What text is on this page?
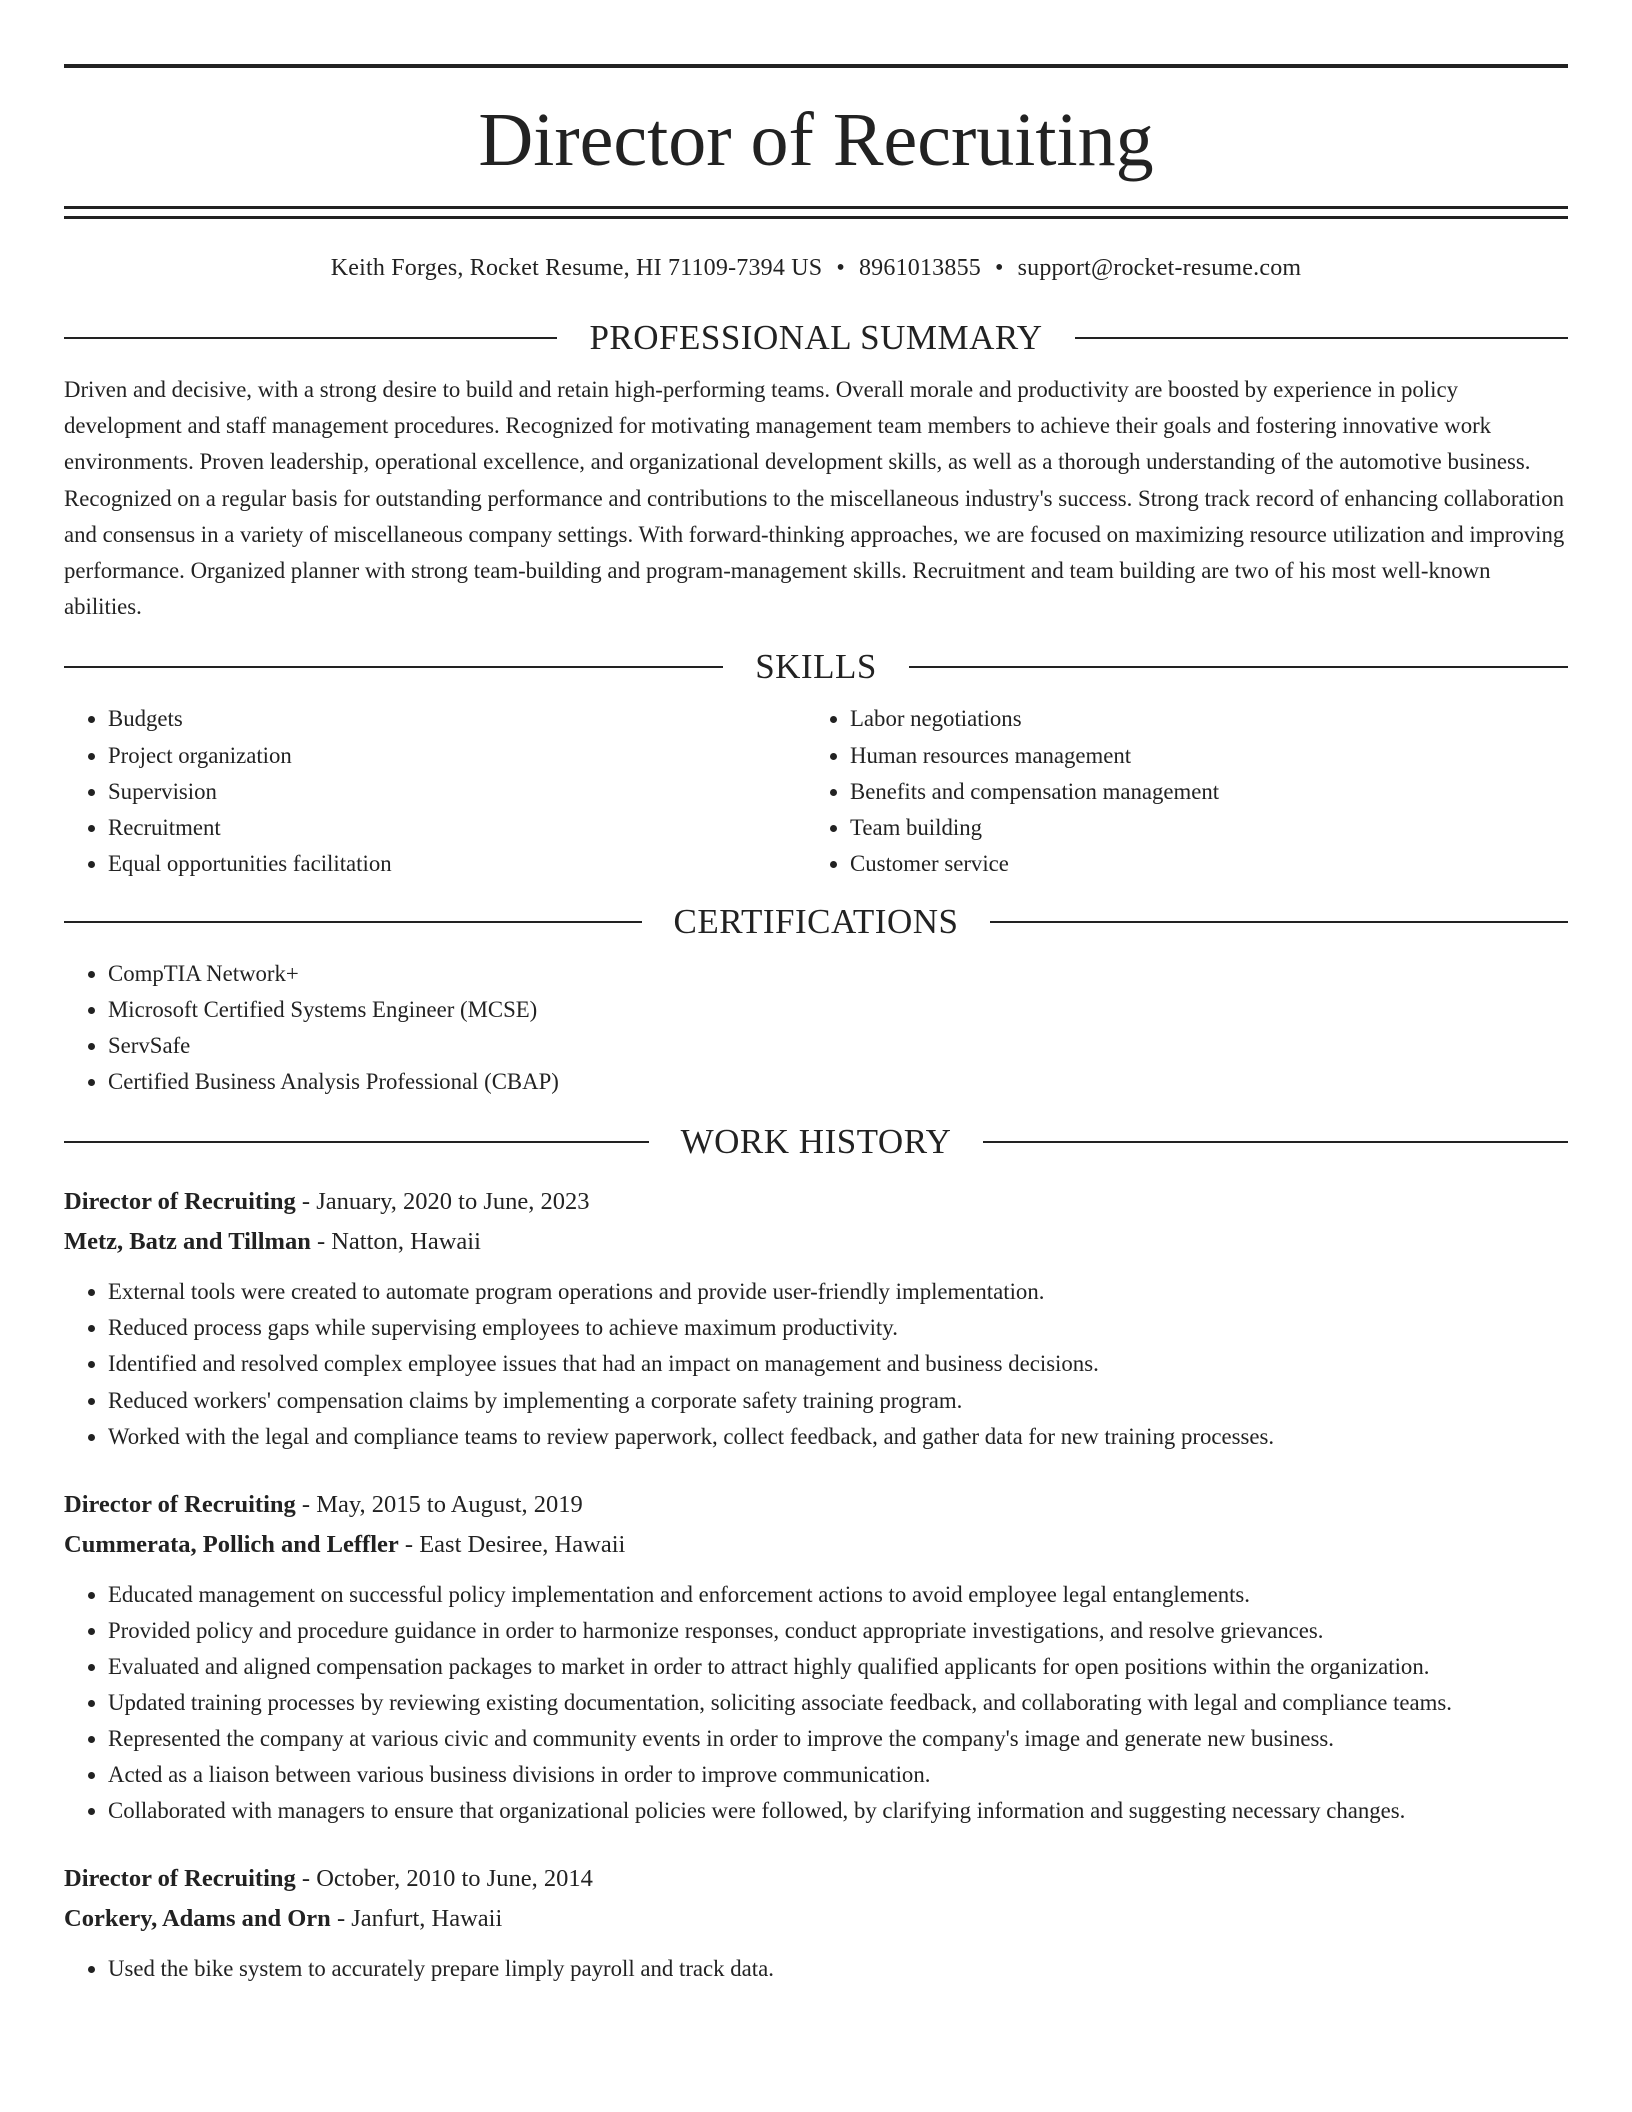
Director of Recruiting
Keith Forges, Rocket Resume, HI 71109-7394 US • 8961013855 • support@rocket-resume.com
PROFESSIONAL SUMMARY
Driven and decisive, with a strong desire to build and retain high-performing teams. Overall morale and productivity are boosted by experience in policy development and staff management procedures. Recognized for motivating management team members to achieve their goals and fostering innovative work environments. Proven leadership, operational excellence, and organizational development skills, as well as a thorough understanding of the automotive business. Recognized on a regular basis for outstanding performance and contributions to the miscellaneous industry's success. Strong track record of enhancing collaboration and consensus in a variety of miscellaneous company settings. With forward-thinking approaches, we are focused on maximizing resource utilization and improving performance. Organized planner with strong team-building and program-management skills. Recruitment and team building are two of his most well-known abilities.
SKILLS
• Budgets
• Project organization
• Supervision
• Recruitment
• Equal opportunities facilitation
• Labor negotiations
• Human resources management
• Benefits and compensation management
• Team building
• Customer service
CERTIFICATIONS
• CompTIA Network+
• Microsoft Certified Systems Engineer (MCSE)
• ServSafe
• Certified Business Analysis Professional (CBAP)
WORK HISTORY
Director of Recruiting - January, 2020 to June, 2023
Metz, Batz and Tillman - Natton, Hawaii
• External tools were created to automate program operations and provide user-friendly implementation.
• Reduced process gaps while supervising employees to achieve maximum productivity.
• Identified and resolved complex employee issues that had an impact on management and business decisions.
• Reduced workers' compensation claims by implementing a corporate safety training program.
• Worked with the legal and compliance teams to review paperwork, collect feedback, and gather data for new training processes.
Director of Recruiting - May, 2015 to August, 2019
Cummerata, Pollich and Leffler - East Desiree, Hawaii
• Educated management on successful policy implementation and enforcement actions to avoid employee legal entanglements.
• Provided policy and procedure guidance in order to harmonize responses, conduct appropriate investigations, and resolve grievances.
• Evaluated and aligned compensation packages to market in order to attract highly qualified applicants for open positions within the organization.
• Updated training processes by reviewing existing documentation, soliciting associate feedback, and collaborating with legal and compliance teams.
• Represented the company at various civic and community events in order to improve the company's image and generate new business.
• Acted as a liaison between various business divisions in order to improve communication.
• Collaborated with managers to ensure that organizational policies were followed, by clarifying information and suggesting necessary changes.
Director of Recruiting - October, 2010 to June, 2014
Corkery, Adams and Orn - Janfurt, Hawaii
• Used the bike system to accurately prepare limply payroll and track data.
